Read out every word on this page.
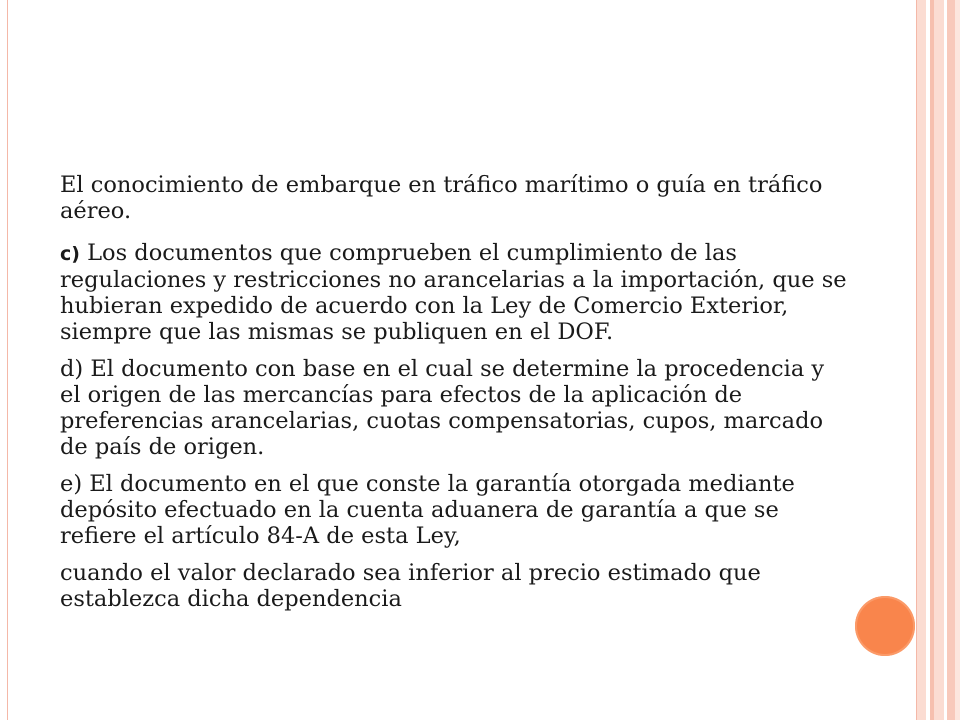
El conocimiento de embarque en tráfico marítimo o guía en tráfico aéreo.

c) Los documentos que comprueben el cumplimiento de las regulaciones y restricciones no arancelarias a la importación, que se hubieran expedido de acuerdo con la Ley de Comercio Exterior, siempre que las mismas se publiquen en el DOF.

d) El documento con base en el cual se determine la procedencia y el origen de las mercancías para efectos de la aplicación de preferencias arancelarias, cuotas compensatorias, cupos, marcado de país de origen.

e) El documento en el que conste la garantía otorgada mediante depósito efectuado en la cuenta aduanera de garantía a que se refiere el artículo 84-A de esta Ley,

cuando el valor declarado sea inferior al precio estimado que establezca dicha dependencia
